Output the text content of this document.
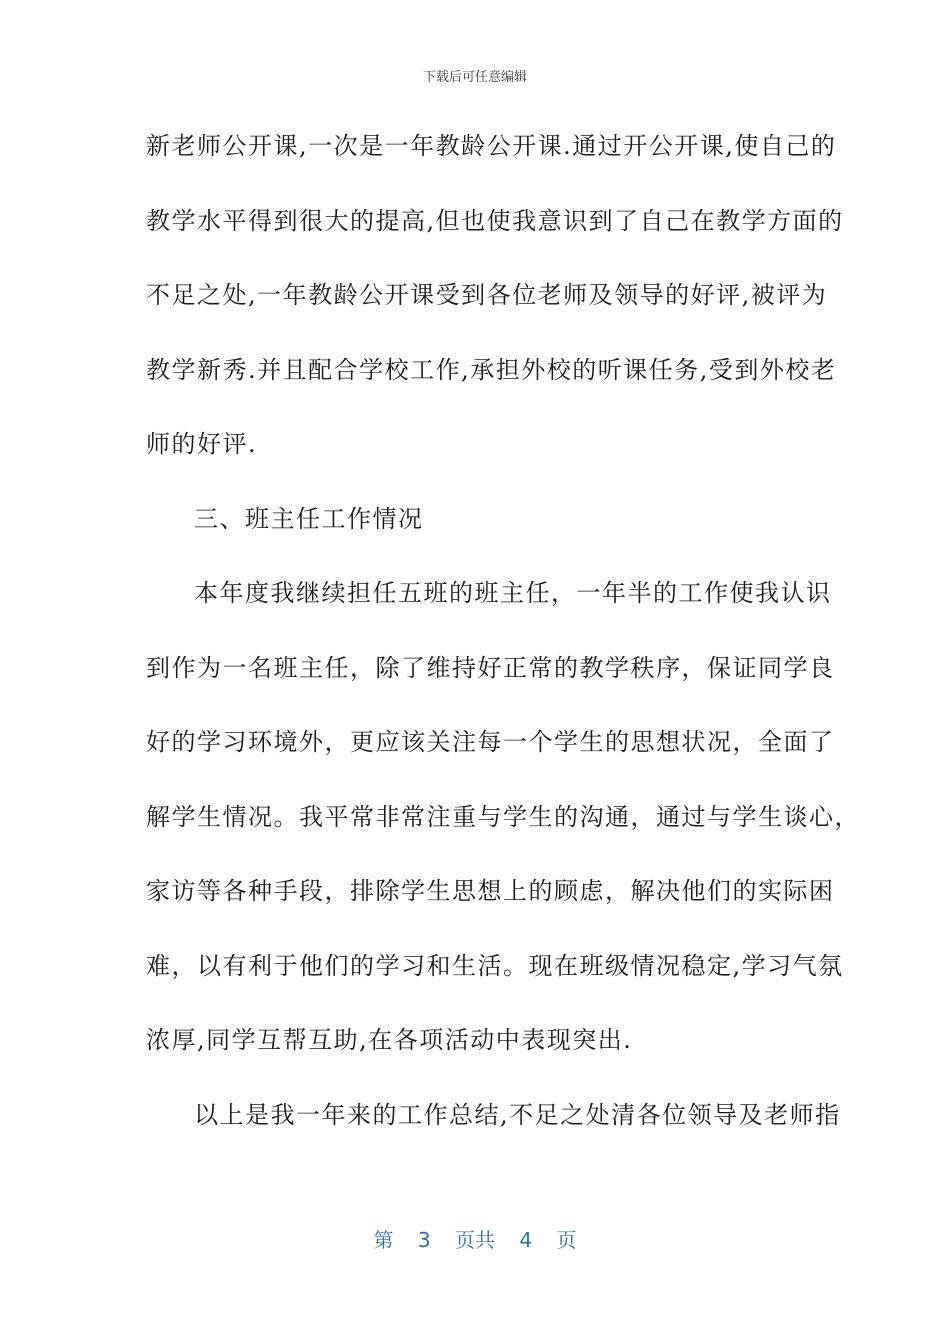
下载后可任意编辑
新老师公开课,一次是一年教龄公开课.通过开公开课,使自己的
教学水平得到很大的提高,但也使我意识到了自己在教学方面的
不足之处,一年教龄公开课受到各位老师及领导的好评,被评为
教学新秀.并且配合学校工作,承担外校的听课任务,受到外校老
师的好评.
三、班主任工作情况
本年度我继续担任五班的班主任，一年半的工作使我认识
到作为一名班主任，除了维持好正常的教学秩序，保证同学良
好的学习环境外，更应该关注每一个学生的思想状况，全面了
解学生情况。我平常非常注重与学生的沟通，通过与学生谈心，
家访等各种手段，排除学生思想上的顾虑，解决他们的实际困
难，以有利于他们的学习和生活。现在班级情况稳定,学习气氛
浓厚,同学互帮互助,在各项活动中表现突出.
以上是我一年来的工作总结,不足之处清各位领导及老师指
第 3 页共 4 页
